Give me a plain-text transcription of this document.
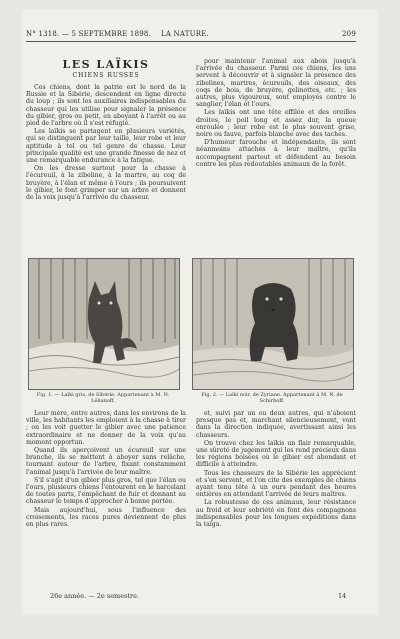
N° 1318. — 5 SEPTEMBRE 1898. LA NATURE.	209
LES LAÏKIS
CHIENS RUSSES

Ces chiens, dont la patrie est le nord de la Russie et la Sibérie, descendent en ligne directe du loup ; ils sont les auxiliaires indispensables du chasseur qui les utilise pour signaler la présence du gibier, gros ou petit, en aboyant à l'arrêt ou au pied de l'arbre où il s'est réfugié.

Les laïkis se partagent en plusieurs variétés, qui se distinguent par leur taille, leur robe et leur aptitude à tel ou tel genre de chasse. Leur principale qualité est une grande finesse de nez et une remarquable endurance à la fatigue.

On les dresse surtout pour la chasse à l'écureuil, à la zibeline, à la martre, au coq de bruyère, à l'élan et même à l'ours ; ils poursuivent le gibier, le font grimper sur un arbre et donnent de la voix jusqu'à l'arrivée du chasseur.

pour maintenir l'animal aux abois jusqu'à l'arrivée du chasseur. Parmi ces chiens, les uns servent à découvrir et à signaler la présence des zibelines, martres, écureuils, des oiseaux, des coqs de bois, de bruyère, gelinottes, etc. ; les autres, plus vigoureux, sont employés contre le sanglier, l'élan et l'ours.

Les laïkis ont une tête effilée et des oreilles droites, le poil long et assez dur, la queue enroulée ; leur robe est le plus souvent grise, noire ou fauve, parfois blanche avec des taches.

D'humeur farouche et indépendante, ils sont néanmoins attachés à leur maître, qu'ils accompagnent partout et défendent au besoin contre les plus redoutables animaux de la forêt.

Fig. 1. — Laïki gris, de Sibérie. Appartenant à M. N. Lélianoff.
Fig. 2. — Laïki noir, de Zyriane. Appartenant à M. N. de Schirhoff.

Leur mère, entre autres, dans les environs de la ville, les habitants les emploient à la chasse à tirer ; on les voit guetter le gibier avec une patience extraordinaire et ne donner de la voix qu'au moment opportun.

Quand ils aperçoivent un écureuil sur une branche, ils se mettent à aboyer sans relâche, tournant autour de l'arbre, fixant constamment l'animal jusqu'à l'arrivée de leur maître.

S'il s'agit d'un gibier plus gros, tel que l'élan ou l'ours, plusieurs chiens l'entourent en le harcelant de toutes parts, l'empêchant de fuir et donnant au chasseur le temps d'approcher à bonne portée.

Mais aujourd'hui, sous l'influence des croisements, les races pures deviennent de plus en plus rares.

et, suivi par un ou deux autres, qui n'aboient presque pas et, marchant silencieusement, vont dans la direction indiquée, avertissant ainsi les chasseurs.

On trouve chez les laïkis un flair remarquable, une sûreté de jugement qui les rend précieux dans les régions boisées où le gibier est abondant et difficile à atteindre.

Tous les chasseurs de la Sibérie les apprécient et s'en servent, et l'on cite des exemples de chiens ayant tenu tête à un ours pendant des heures entières en attendant l'arrivée de leurs maîtres.

La robustesse de ces animaux, leur résistance au froid et leur sobriété en font des compagnons indispensables pour les longues expéditions dans la taïga.

26e année. — 2e semestre.	14
